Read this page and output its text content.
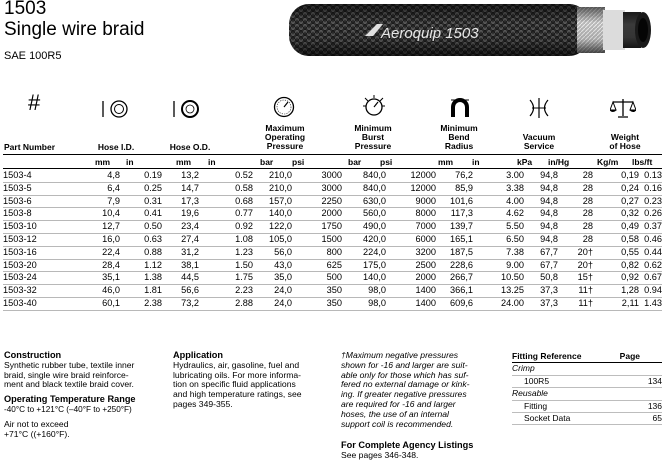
1503
Single wire braid
SAE 100R5
Aeroquip 1503
#
Part Number	Hose I.D.	Hose O.D.
Maximum
Operating
Pressure
Minimum
Burst
Pressure
Minimum
Bend
Radius
Vacuum
Service
Weight
of Hose
mm in	mm in	bar psi	bar psi	mm in	kPa in/Hg	Kg/m lbs/ft
1503-4	4,8	0.19	13,2	0.52	210,0	3000	840,0	12000	76,2	3.00	94,8	28	0,19	0.13
1503-5	6,4	0.25	14,7	0.58	210,0	3000	840,0	12000	85,9	3.38	94,8	28	0,24	0.16
1503-6	7,9	0.31	17,3	0.68	157,0	2250	630,0	9000	101,6	4.00	94,8	28	0,27	0.23
1503-8	10,4	0.41	19,6	0.77	140,0	2000	560,0	8000	117,3	4.62	94,8	28	0,32	0.26
1503-10	12,7	0.50	23,4	0.92	122,0	1750	490,0	7000	139,7	5.50	94,8	28	0,49	0.37
1503-12	16,0	0.63	27,4	1.08	105,0	1500	420,0	6000	165,1	6.50	94,8	28	0,58	0.46
1503-16	22,4	0.88	31,2	1.23	56,0	800	224,0	3200	187,5	7.38	67,7	20†	0,55	0.44
1503-20	28,4	1.12	38,1	1.50	43,0	625	175,0	2500	228,6	9.00	67,7	20†	0,82	0.62
1503-24	35,1	1.38	44,5	1.75	35,0	500	140,0	2000	266,7	10.50	50,8	15†	0,92	0.67
1503-32	46,0	1.81	56,6	2.23	24,0	350	98,0	1400	366,1	13.25	37,3	11†	1,28	0.94
1503-40	60,1	2.38	73,2	2.88	24,0	350	98,0	1400	609,6	24.00	37,3	11†	2,11	1.43
Construction
Synthetic rubber tube, textile inner
braid, single wire braid reinforce-
ment and black textile braid cover.
Operating Temperature Range
-40°C to +121°C (–40°F to +250°F)
Air not to exceed
+71°C ((+160°F).
Application
Hydraulics, air, gasoline, fuel and
lubricating oils. For more informa-
tion on specific fluid applications
and high temperature ratings, see
pages 349-355.
†Maximum negative pressures
shown for -16 and larger are suit-
able only for those which has suf-
fered no external damage or kink-
ing. If greater negative pressures
are required for -16 and larger
hoses, the use of an internal
support coil is recommended.
For Complete Agency Listings
See pages 346-348.
Fitting Reference	Page
Crimp
100R5	134
Reusable
Fitting	136
Socket Data	65
